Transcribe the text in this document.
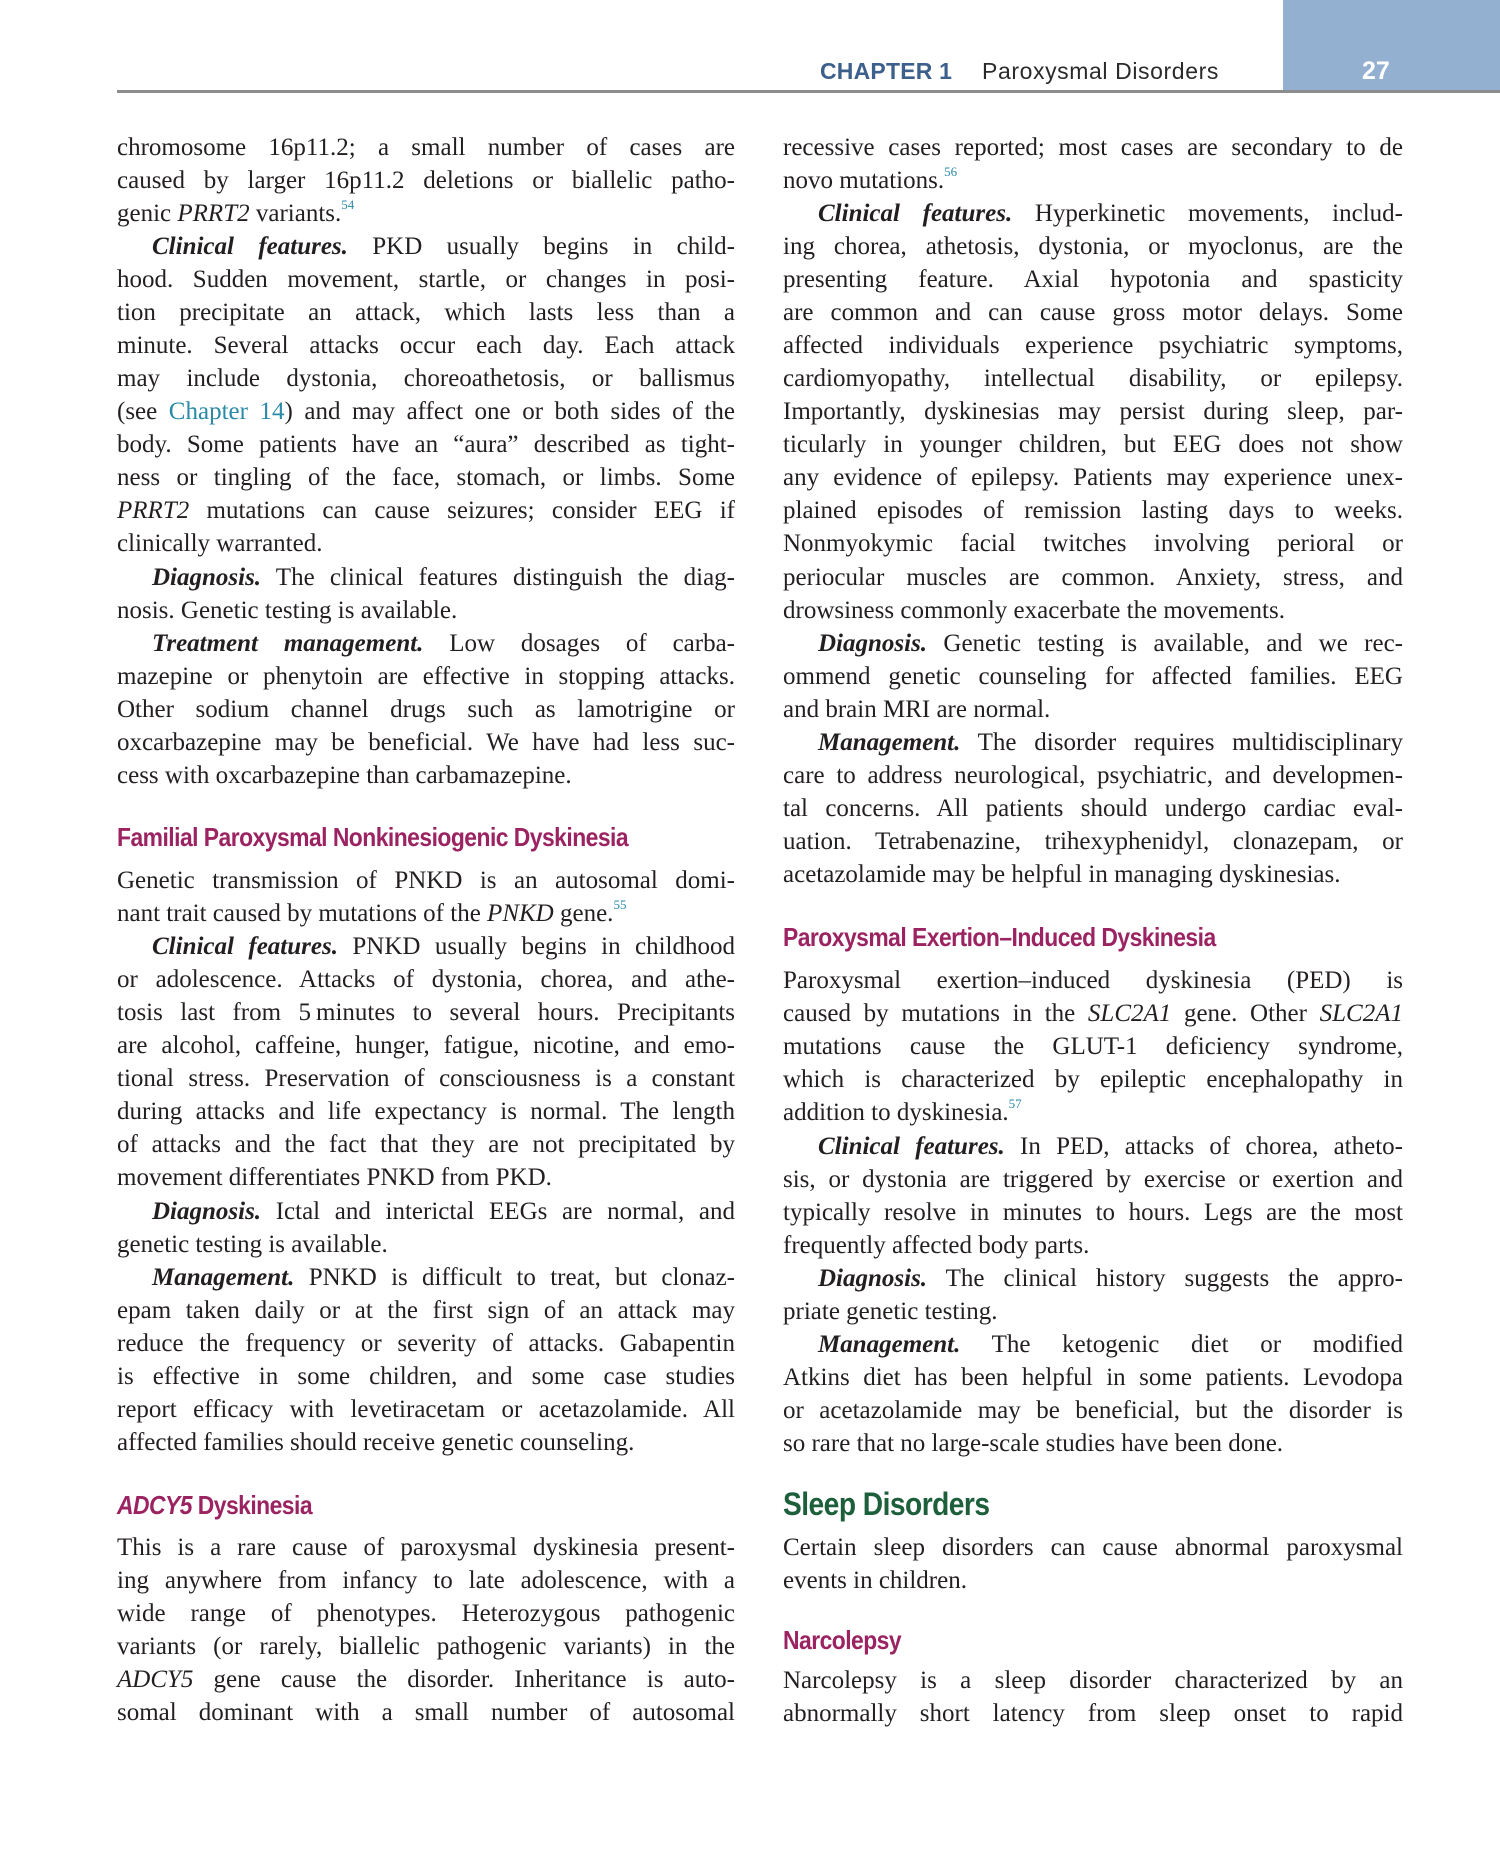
CHAPTER 1 Paroxysmal Disorders	27
chromosome 16p11.2; a small number of cases are
caused by larger 16p11.2 deletions or biallelic patho-
genic PRRT2 variants.$^{54}$
Clinical features. PKD usually begins in child-
hood. Sudden movement, startle, or changes in posi-
tion precipitate an attack, which lasts less than a
minute. Several attacks occur each day. Each attack
may include dystonia, choreoathetosis, or ballismus
(see Chapter 14) and may affect one or both sides of the
body. Some patients have an “aura” described as tight-
ness or tingling of the face, stomach, or limbs. Some
PRRT2 mutations can cause seizures; consider EEG if
clinically warranted.
Diagnosis. The clinical features distinguish the diag-
nosis. Genetic testing is available.
Treatment management. Low dosages of carba-
mazepine or phenytoin are effective in stopping attacks.
Other sodium channel drugs such as lamotrigine or
oxcarbazepine may be beneficial. We have had less suc-
cess with oxcarbazepine than carbamazepine.
Familial Paroxysmal Nonkinesiogenic Dyskinesia
Genetic transmission of PNKD is an autosomal domi-
nant trait caused by mutations of the PNKD gene.$^{55}$
Clinical features. PNKD usually begins in childhood
or adolescence. Attacks of dystonia, chorea, and athe-
tosis last from 5 minutes to several hours. Precipitants
are alcohol, caffeine, hunger, fatigue, nicotine, and emo-
tional stress. Preservation of consciousness is a constant
during attacks and life expectancy is normal. The length
of attacks and the fact that they are not precipitated by
movement differentiates PNKD from PKD.
Diagnosis. Ictal and interictal EEGs are normal, and
genetic testing is available.
Management. PNKD is difficult to treat, but clonaz-
epam taken daily or at the first sign of an attack may
reduce the frequency or severity of attacks. Gabapentin
is effective in some children, and some case studies
report efficacy with levetiracetam or acetazolamide. All
affected families should receive genetic counseling.
ADCY5 Dyskinesia
This is a rare cause of paroxysmal dyskinesia present-
ing anywhere from infancy to late adolescence, with a
wide range of phenotypes. Heterozygous pathogenic
variants (or rarely, biallelic pathogenic variants) in the
ADCY5 gene cause the disorder. Inheritance is auto-
somal dominant with a small number of autosomal
recessive cases reported; most cases are secondary to de
novo mutations.$^{56}$
Clinical features. Hyperkinetic movements, includ-
ing chorea, athetosis, dystonia, or myoclonus, are the
presenting feature. Axial hypotonia and spasticity
are common and can cause gross motor delays. Some
affected individuals experience psychiatric symptoms,
cardiomyopathy, intellectual disability, or epilepsy.
Importantly, dyskinesias may persist during sleep, par-
ticularly in younger children, but EEG does not show
any evidence of epilepsy. Patients may experience unex-
plained episodes of remission lasting days to weeks.
Nonmyokymic facial twitches involving perioral or
periocular muscles are common. Anxiety, stress, and
drowsiness commonly exacerbate the movements.
Diagnosis. Genetic testing is available, and we rec-
ommend genetic counseling for affected families. EEG
and brain MRI are normal.
Management. The disorder requires multidisciplinary
care to address neurological, psychiatric, and developmen-
tal concerns. All patients should undergo cardiac eval-
uation. Tetrabenazine, trihexyphenidyl, clonazepam, or
acetazolamide may be helpful in managing dyskinesias.
Paroxysmal Exertion–Induced Dyskinesia
Paroxysmal exertion–induced dyskinesia (PED) is
caused by mutations in the SLC2A1 gene. Other SLC2A1
mutations cause the GLUT-1 deficiency syndrome,
which is characterized by epileptic encephalopathy in
addition to dyskinesia.$^{57}$
Clinical features. In PED, attacks of chorea, atheto-
sis, or dystonia are triggered by exercise or exertion and
typically resolve in minutes to hours. Legs are the most
frequently affected body parts.
Diagnosis. The clinical history suggests the appro-
priate genetic testing.
Management. The ketogenic diet or modified
Atkins diet has been helpful in some patients. Levodopa
or acetazolamide may be beneficial, but the disorder is
so rare that no large-scale studies have been done.
Sleep Disorders
Certain sleep disorders can cause abnormal paroxysmal
events in children.
Narcolepsy
Narcolepsy is a sleep disorder characterized by an
abnormally short latency from sleep onset to rapid
